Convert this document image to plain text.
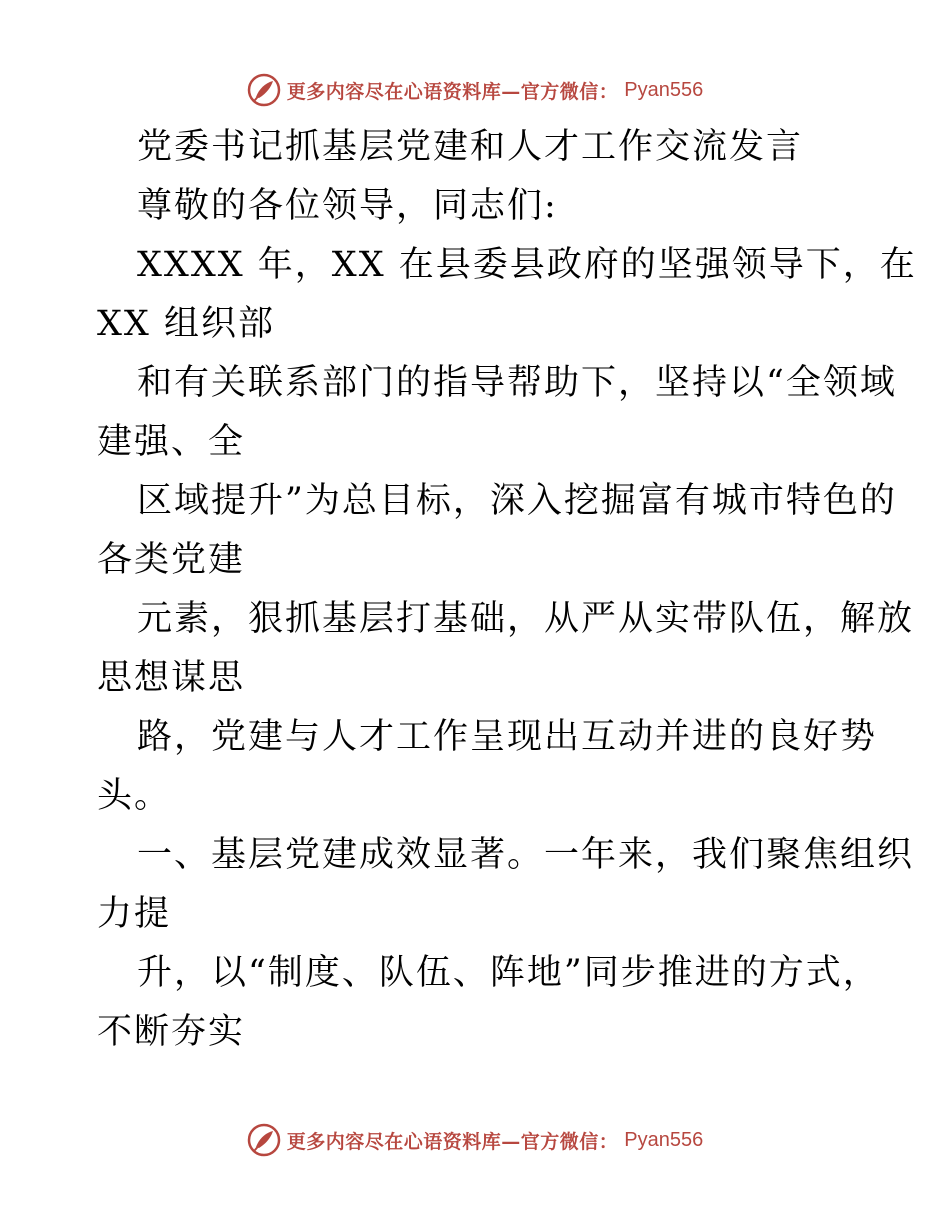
更多内容尽在心语资料库—官方微信： Pyan556
党委书记抓基层党建和人才工作交流发言
尊敬的各位领导，同志们:
XXXX 年，XX 在县委县政府的坚强领导下，在
XX 组织部
和有关联系部门的指导帮助下，坚持以“全领域
建强、全
区域提升”为总目标，深入挖掘富有城市特色的
各类党建
元素，狠抓基层打基础，从严从实带队伍，解放
思想谋思
路，党建与人才工作呈现出互动并进的良好势
头。
一、基层党建成效显著。一年来，我们聚焦组织
力提
升，以“制度、队伍、阵地”同步推进的方式，
不断夯实
更多内容尽在心语资料库—官方微信： Pyan556
